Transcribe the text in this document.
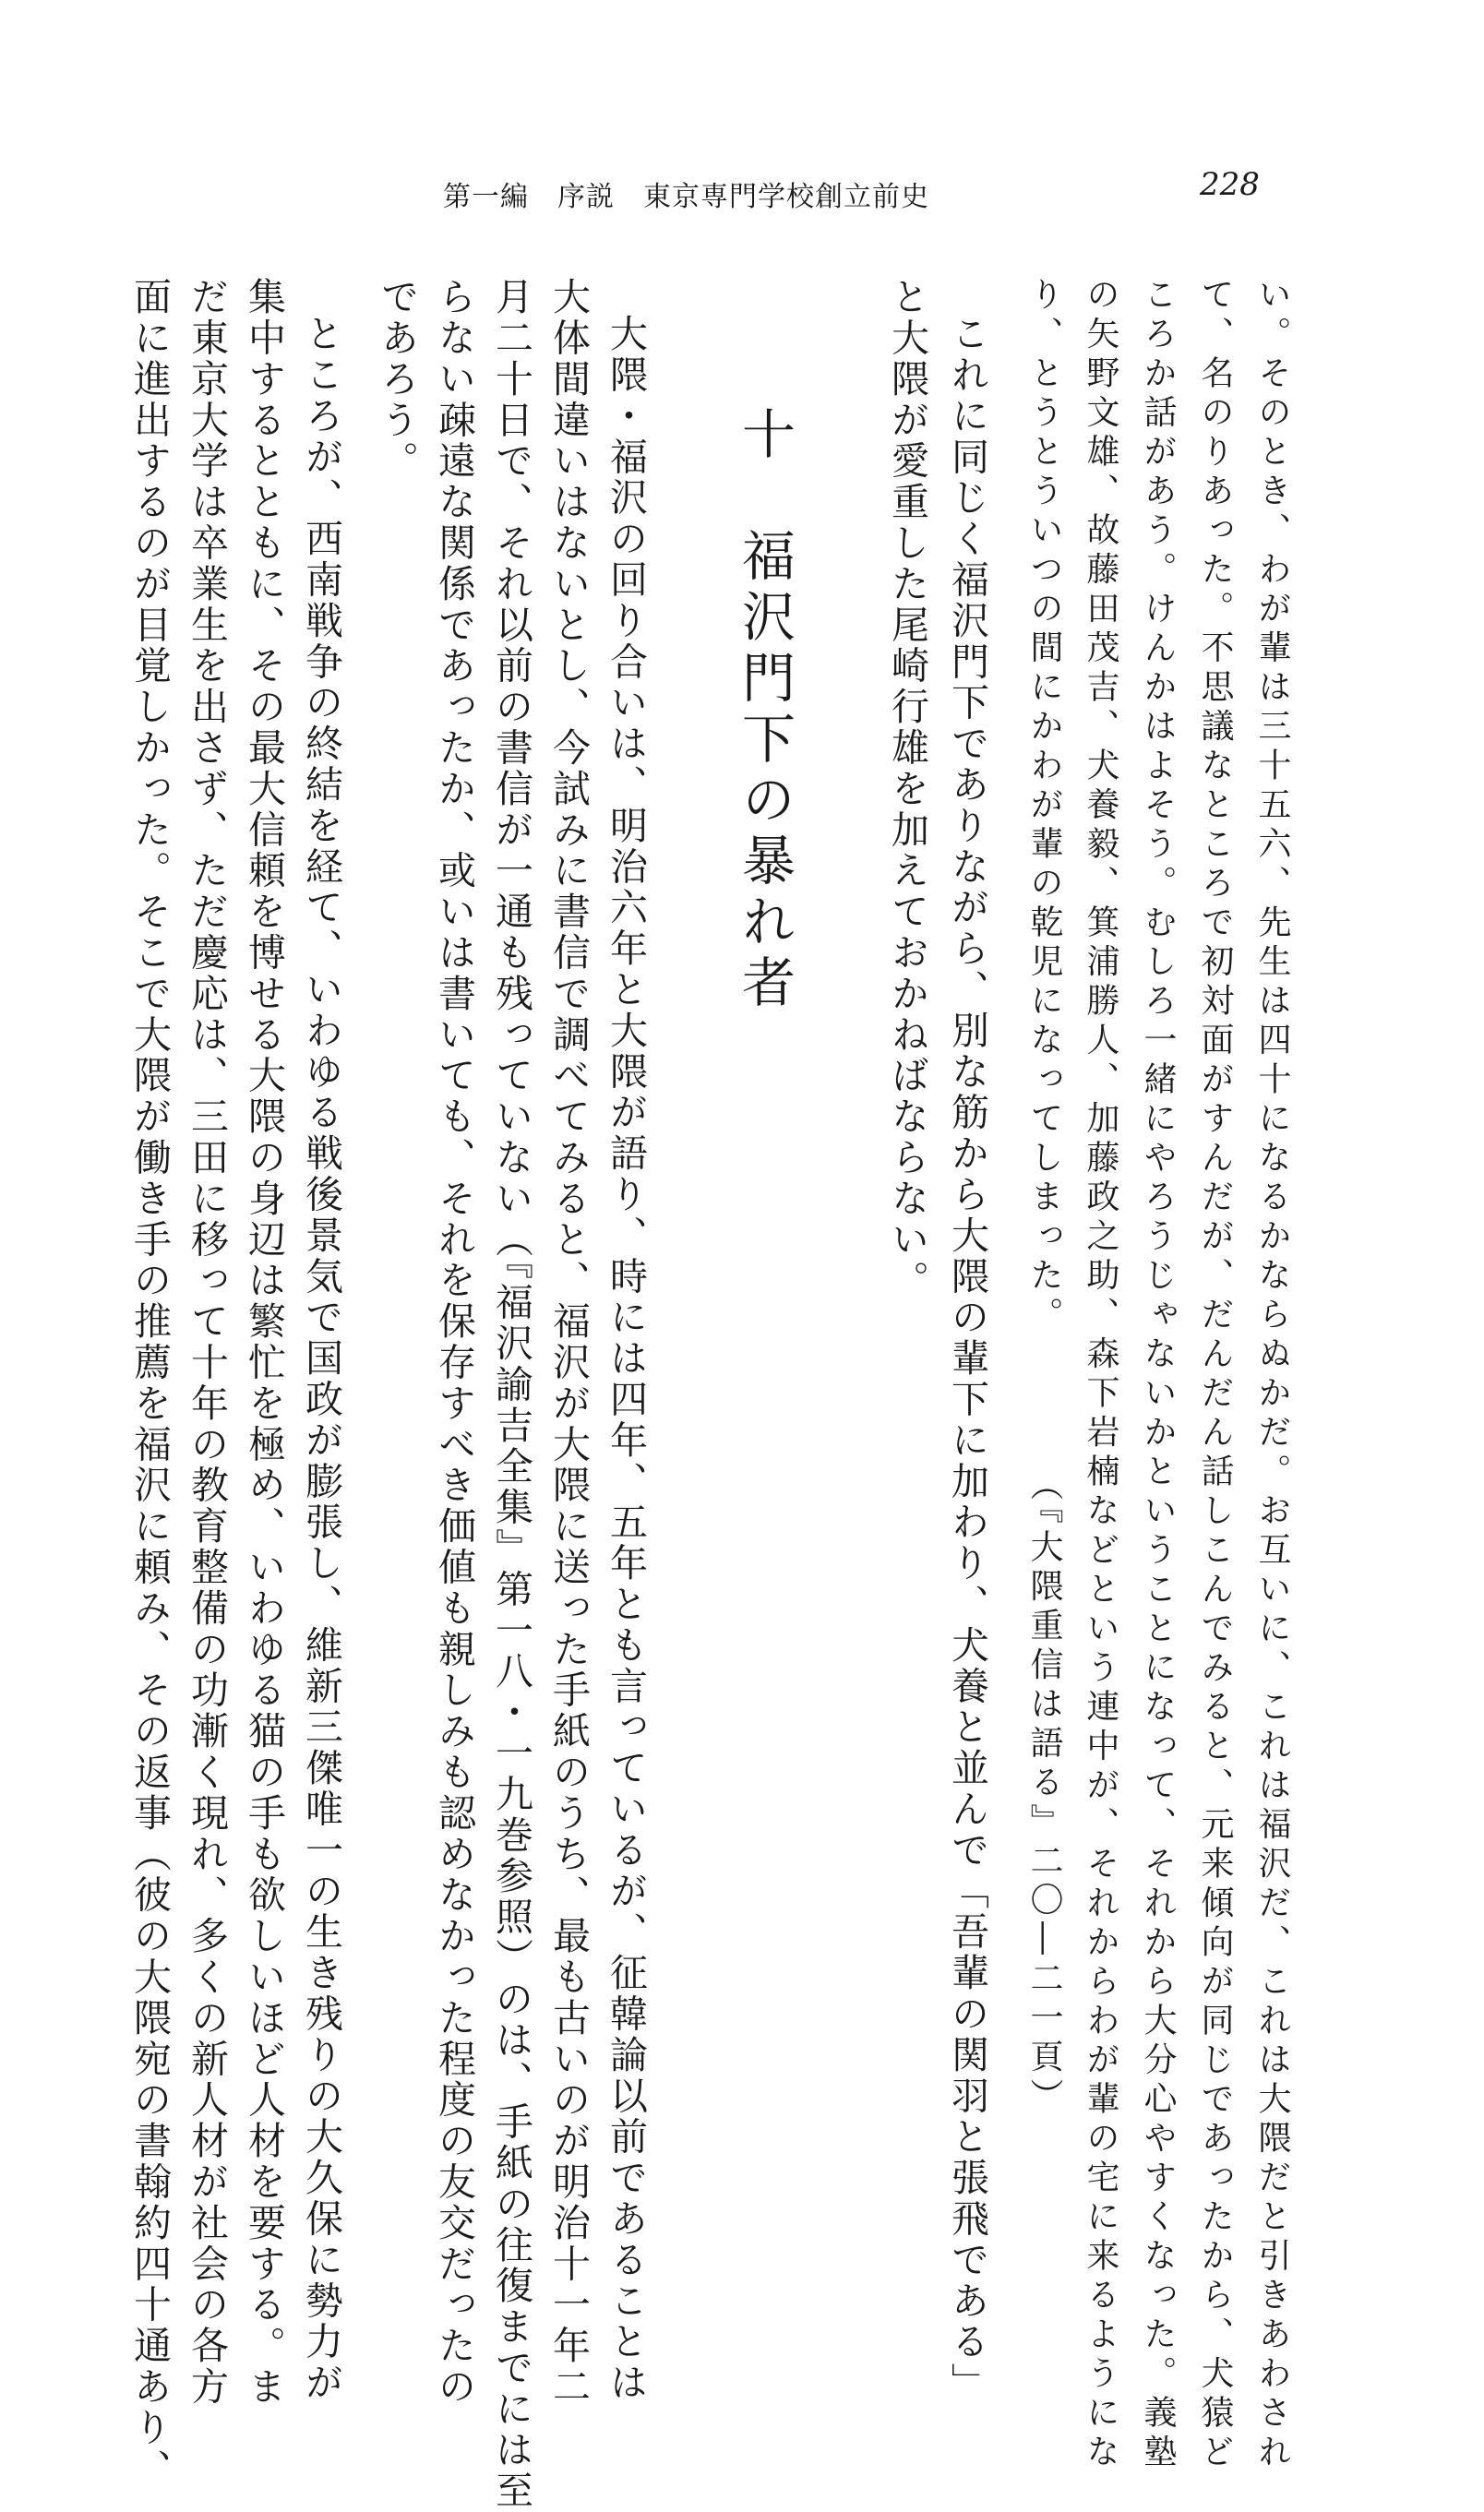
第一編　序説　東京専門学校創立前史	228
い。そのとき、わが輩は三十五六、先生は四十になるかならぬかだ。お互いに、これは福沢だ、これは大隈だと引きあわされ
て、名のりあった。不思議なところで初対面がすんだが、だんだん話しこんでみると、元来傾向が同じであったから、犬猿ど
ころか話があう。けんかはよそう。むしろ一緒にやろうじゃないかということになって、それから大分心やすくなった。義塾
の矢野文雄、故藤田茂吉、犬養毅、箕浦勝人、加藤政之助、森下岩楠などという連中が、それからわが輩の宅に来るようにな
り、とうとういつの間にかわが輩の乾児になってしまった。
（『大隈重信は語る』二〇―二一頁）
これに同じく福沢門下でありながら、別な筋から大隈の輩下に加わり、犬養と並んで「吾輩の関羽と張飛である」
と大隈が愛重した尾崎行雄を加えておかねばならない。
十　福沢門下の暴れ者
大隈・福沢の回り合いは、明治六年と大隈が語り、時には四年、五年とも言っているが、征韓論以前であることは
大体間違いはないとし、今試みに書信で調べてみると、福沢が大隈に送った手紙のうち、最も古いのが明治十一年二
月二十日で、それ以前の書信が一通も残っていない（『福沢諭吉全集』第一八・一九巻参照）のは、手紙の往復までには至
らない疎遠な関係であったか、或いは書いても、それを保存すべき価値も親しみも認めなかった程度の友交だったの
であろう。
ところが、西南戦争の終結を経て、いわゆる戦後景気で国政が膨張し、維新三傑唯一の生き残りの大久保に勢力が
集中するとともに、その最大信頼を博せる大隈の身辺は繁忙を極め、いわゆる猫の手も欲しいほど人材を要する。ま
だ東京大学は卒業生を出さず、ただ慶応は、三田に移って十年の教育整備の功漸く現れ、多くの新人材が社会の各方
面に進出するのが目覚しかった。そこで大隈が働き手の推薦を福沢に頼み、その返事（彼の大隈宛の書翰約四十通あり、
